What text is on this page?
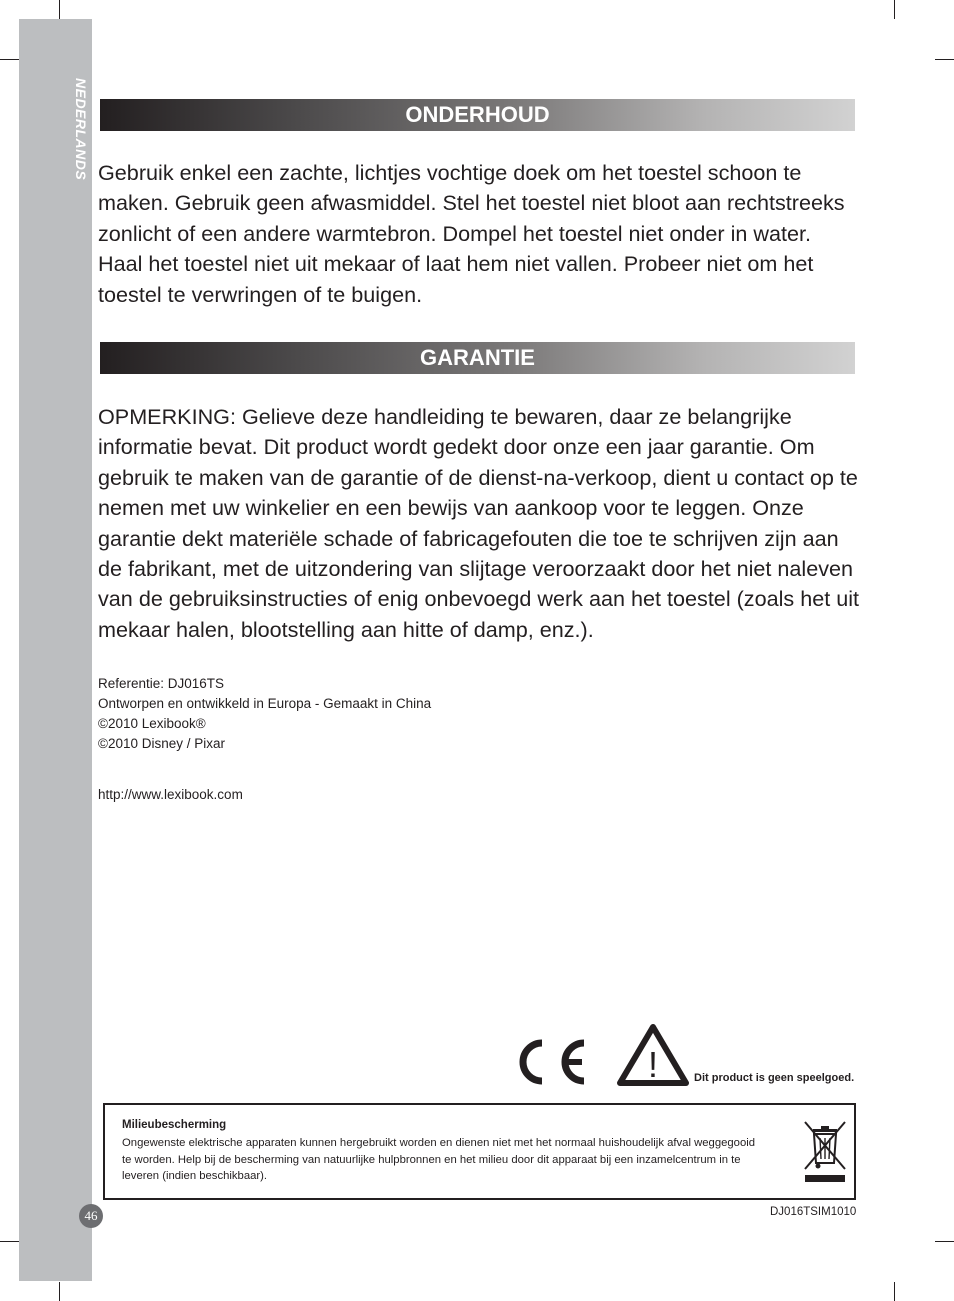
NEDERLANDS	ONDERHOUD
Gebruik enkel een zachte, lichtjes vochtige doek om het toestel schoon te maken. Gebruik geen afwasmiddel. Stel het toestel niet bloot aan rechtstreeks zonlicht of een andere warmtebron. Dompel het toestel niet onder in water. Haal het toestel niet uit mekaar of laat hem niet vallen. Probeer niet om het toestel te verwringen of te buigen.
GARANTIE
OPMERKING: Gelieve deze handleiding te bewaren, daar ze belangrijke informatie bevat. Dit product wordt gedekt door onze een jaar garantie. Om gebruik te maken van de garantie of de dienst-na-verkoop, dient u contact op te nemen met uw winkelier en een bewijs van aankoop voor te leggen. Onze garantie dekt materiële schade of fabricagefouten die toe te schrijven zijn aan de fabrikant, met de uitzondering van slijtage veroorzaakt door het niet naleven van de gebruiksinstructies of enig onbevoegd werk aan het toestel (zoals het uit mekaar halen, blootstelling aan hitte of damp, enz.).
Referentie: DJ016TS
Ontworpen en ontwikkeld in Europa - Gemaakt in China
©2010 Lexibook®
©2010 Disney / Pixar
http://www.lexibook.com
!	Dit product is geen speelgoed.
Milieubescherming
Ongewenste elektrische apparaten kunnen hergebruikt worden en dienen niet met het normaal huishoudelijk afval weggegooid te worden. Help bij de bescherming van natuurlijke hulpbronnen en het milieu door dit apparaat bij een inzamelcentrum in te leveren (indien beschikbaar).
46	DJ016TSIM1010
